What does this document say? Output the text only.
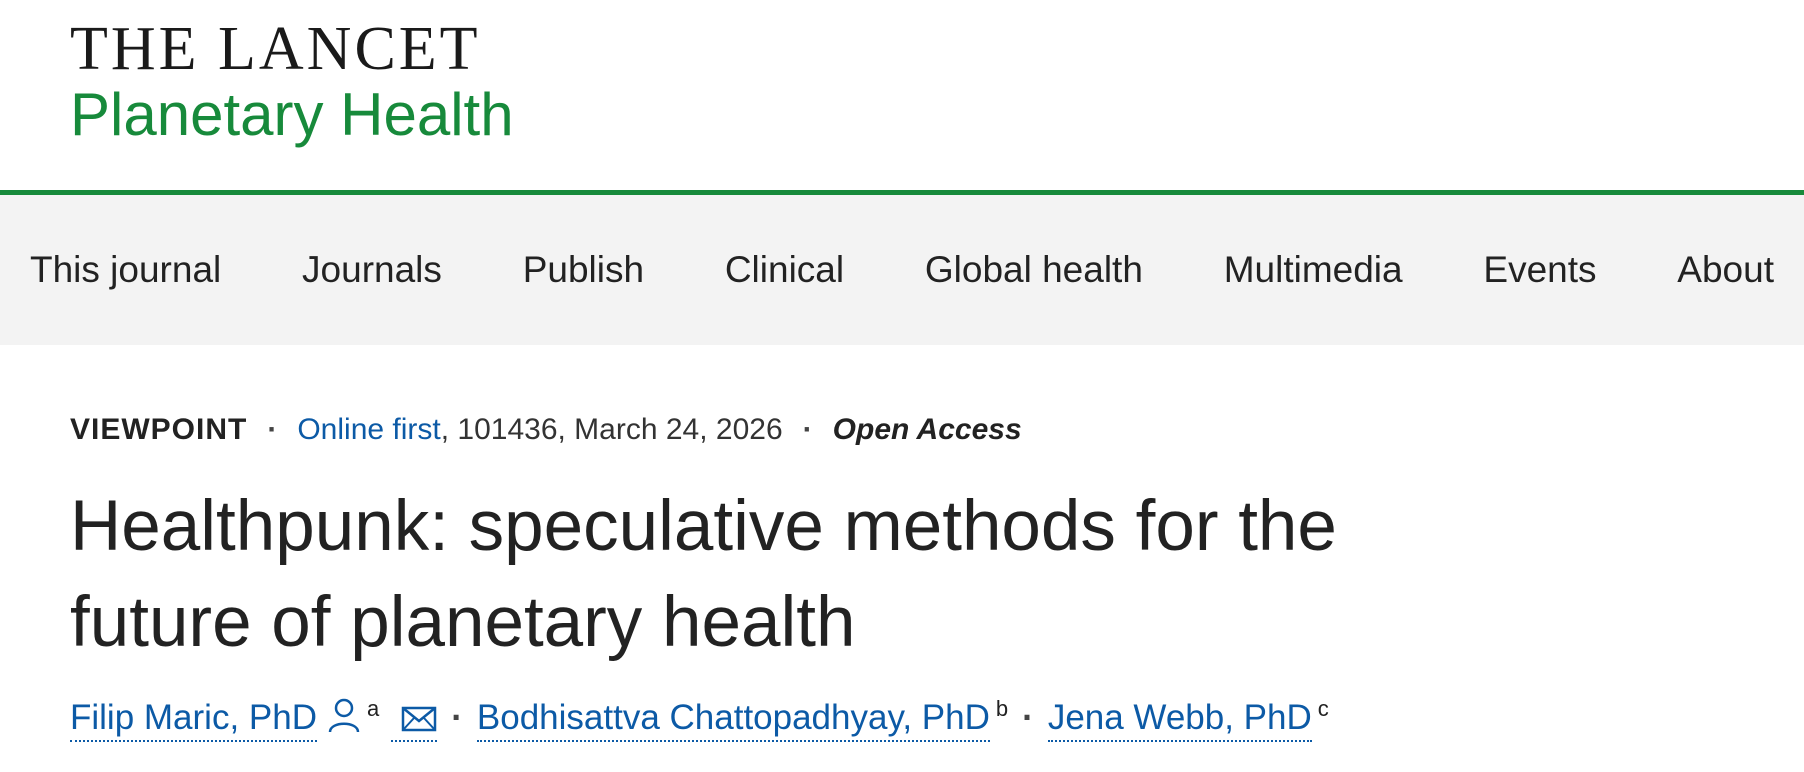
THE LANCET
Planetary Health
This journal Journals Publish Clinical Global health Multimedia Events About
VIEWPOINT · Online first, 101436, March 24, 2026 · Open Access
Healthpunk: speculative methods for the future of planetary health
Filip Maric, PhD $^a$ · Bodhisattva Chattopadhyay, PhD $^b$ · Jena Webb, PhD $^c$
